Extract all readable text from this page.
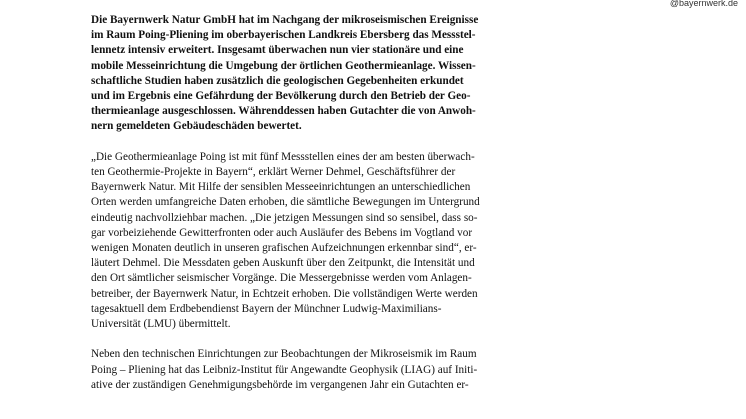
@bayernwerk.de
Die Bayernwerk Natur GmbH hat im Nachgang der mikroseismischen Ereignisse
im Raum Poing-Pliening im oberbayerischen Landkreis Ebersberg das Messstel-
lennetz intensiv erweitert. Insgesamt überwachen nun vier stationäre und eine
mobile Messeinrichtung die Umgebung der örtlichen Geothermieanlage. Wissen-
schaftliche Studien haben zusätzlich die geologischen Gegebenheiten erkundet
und im Ergebnis eine Gefährdung der Bevölkerung durch den Betrieb der Geo-
thermieanlage ausgeschlossen. Währenddessen haben Gutachter die von Anwoh-
nern gemeldeten Gebäudeschäden bewertet.
„Die Geothermieanlage Poing ist mit fünf Messstellen eines der am besten überwach-
ten Geothermie-Projekte in Bayern“, erklärt Werner Dehmel, Geschäftsführer der
Bayernwerk Natur. Mit Hilfe der sensiblen Messeeinrichtungen an unterschiedlichen
Orten werden umfangreiche Daten erhoben, die sämtliche Bewegungen im Untergrund
eindeutig nachvollziehbar machen. „Die jetzigen Messungen sind so sensibel, dass so-
gar vorbeiziehende Gewitterfronten oder auch Ausläufer des Bebens im Vogtland vor
wenigen Monaten deutlich in unseren grafischen Aufzeichnungen erkennbar sind“, er-
läutert Dehmel. Die Messdaten geben Auskunft über den Zeitpunkt, die Intensität und
den Ort sämtlicher seismischer Vorgänge. Die Messergebnisse werden vom Anlagen-
betreiber, der Bayernwerk Natur, in Echtzeit erhoben. Die vollständigen Werte werden
tagesaktuell dem Erdbebendienst Bayern der Münchner Ludwig-Maximilians-
Universität (LMU) übermittelt.
Neben den technischen Einrichtungen zur Beobachtungen der Mikroseismik im Raum
Poing – Pliening hat das Leibniz-Institut für Angewandte Geophysik (LIAG) auf Initi-
ative der zuständigen Genehmigungsbehörde im vergangenen Jahr ein Gutachten er-
